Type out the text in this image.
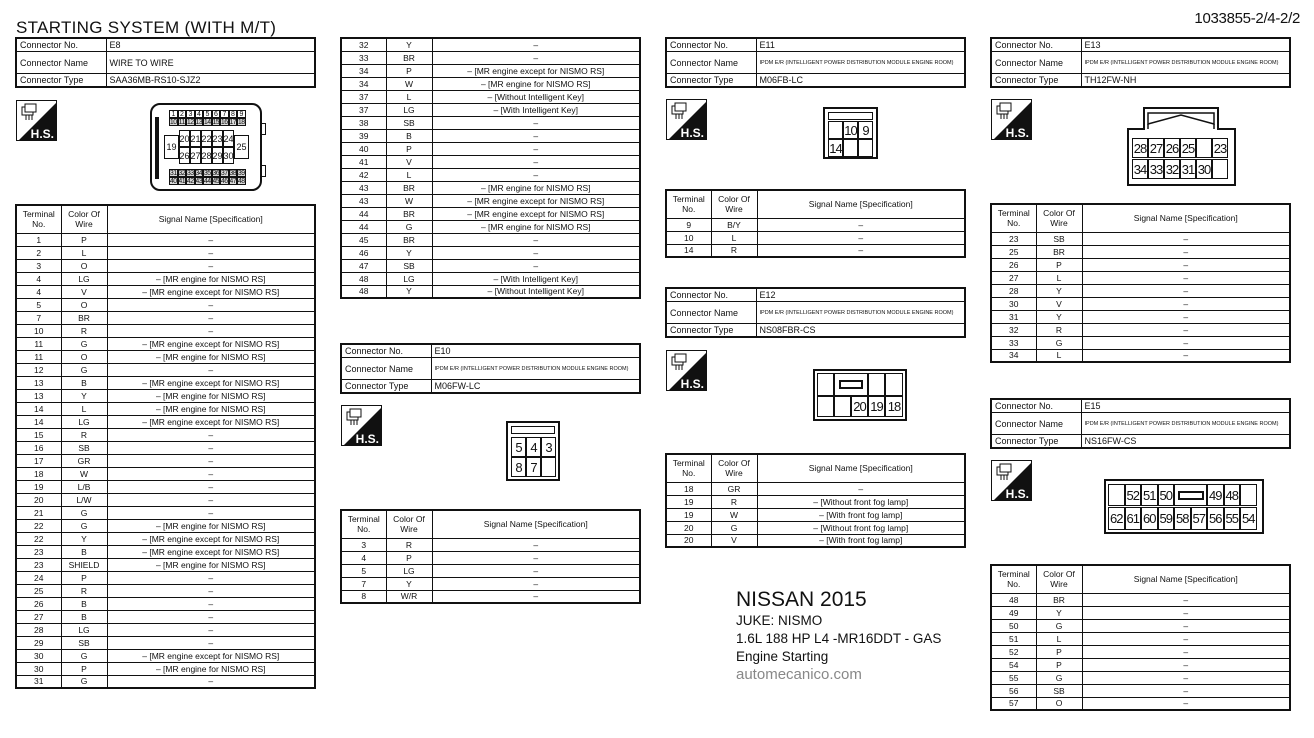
STARTING SYSTEM (WITH M/T)	1033855-2/4-2/2
Connector No.	E8
Connector Name	WIRE TO WIRE
Connector Type	SAA36MB-RS10-SJZ2
H.S.
1 2 3 4 5 6 7 8 9
10 11 12 13 14 15 16 17 18
19	25
20 21 22 23 24
26 27 28 29 30
31 32 33 34 35 36 37 38 39
40 41 42 43 44 45 46 47 48
Terminal
No.	Color Of
Wire	Signal Name [Specification]
1	P	–
2	L	–
3	O	–
4	LG	– [MR engine for NISMO RS]
4	V	– [MR engine except for NISMO RS]
5	O	–
7	BR	–
10	R	–
11	G	– [MR engine except for NISMO RS]
11	O	– [MR engine for NISMO RS]
12	G	–
13	B	– [MR engine except for NISMO RS]
13	Y	– [MR engine for NISMO RS]
14	L	– [MR engine for NISMO RS]
14	LG	– [MR engine except for NISMO RS]
15	R	–
16	SB	–
17	GR	–
18	W	–
19	L/B	–
20	L/W	–
21	G	–
22	G	– [MR engine for NISMO RS]
22	Y	– [MR engine except for NISMO RS]
23	B	– [MR engine except for NISMO RS]
23	SHIELD	– [MR engine for NISMO RS]
24	P	–
25	R	–
26	B	–
27	B	–
28	LG	–
29	SB	–
30	G	– [MR engine except for NISMO RS]
30	P	– [MR engine for NISMO RS]
31	G	–
32	Y	–
33	BR	–
34	P	– [MR engine except for NISMO RS]
34	W	– [MR engine for NISMO RS]
37	L	– [Without Intelligent Key]
37	LG	– [With Intelligent Key]
38	SB	–
39	B	–
40	P	–
41	V	–
42	L	–
43	BR	– [MR engine for NISMO RS]
43	W	– [MR engine except for NISMO RS]
44	BR	– [MR engine except for NISMO RS]
44	G	– [MR engine for NISMO RS]
45	BR	–
46	Y	–
47	SB	–
48	LG	– [With Intelligent Key]
48	Y	– [Without Intelligent Key]
Connector No.	E10
Connector Name	IPDM E/R (INTELLIGENT POWER DISTRIBUTION MODULE ENGINE ROOM)
Connector Type	M06FW-LC
H.S.
5 4 3
8 7
Terminal
No.	Color Of
Wire	Signal Name [Specification]
3	R	–
4	P	–
5	LG	–
7	Y	–
8	W/R	–
Connector No.	E11
Connector Name	IPDM E/R (INTELLIGENT POWER DISTRIBUTION MODULE ENGINE ROOM)
Connector Type	M06FB-LC
H.S.	10 9
14
Terminal
No.	Color Of
Wire	Signal Name [Specification]
9	B/Y	–
10	L	–
14	R	–
Connector No.	E12
Connector Name	IPDM E/R (INTELLIGENT POWER DISTRIBUTION MODULE ENGINE ROOM)
Connector Type	NS08FBR-CS
H.S.
20 19 18
Terminal
No.	Color Of
Wire	Signal Name [Specification]
18	GR	–
19	R	– [Without front fog lamp]
19	W	– [With front fog lamp]
20	G	– [Without front fog lamp]
20	V	– [With front fog lamp]
NISSAN 2015
JUKE: NISMO
1.6L 188 HP L4 -MR16DDT - GAS
Engine Starting
automecanico.com
Connector No.	E13
Connector Name	IPDM E/R (INTELLIGENT POWER DISTRIBUTION MODULE ENGINE ROOM)
Connector Type	TH12FW-NH
H.S.
28 27 26 25 23
34 33 32 31 30
Terminal
No.	Color Of
Wire	Signal Name [Specification]
23	SB	–
25	BR	–
26	P	–
27	L	–
28	Y	–
30	V	–
31	Y	–
32	R	–
33	G	–
34	L	–
Connector No.	E15
Connector Name	IPDM E/R (INTELLIGENT POWER DISTRIBUTION MODULE ENGINE ROOM)
Connector Type	NS16FW-CS
H.S.	52 51 50	49 48
62 61 60 59 58 57 56 55 54
Terminal
No.	Color Of
Wire	Signal Name [Specification]
48	BR	–
49	Y	–
50	G	–
51	L	–
52	P	–
54	P	–
55	G	–
56	SB	–
57	O	–
